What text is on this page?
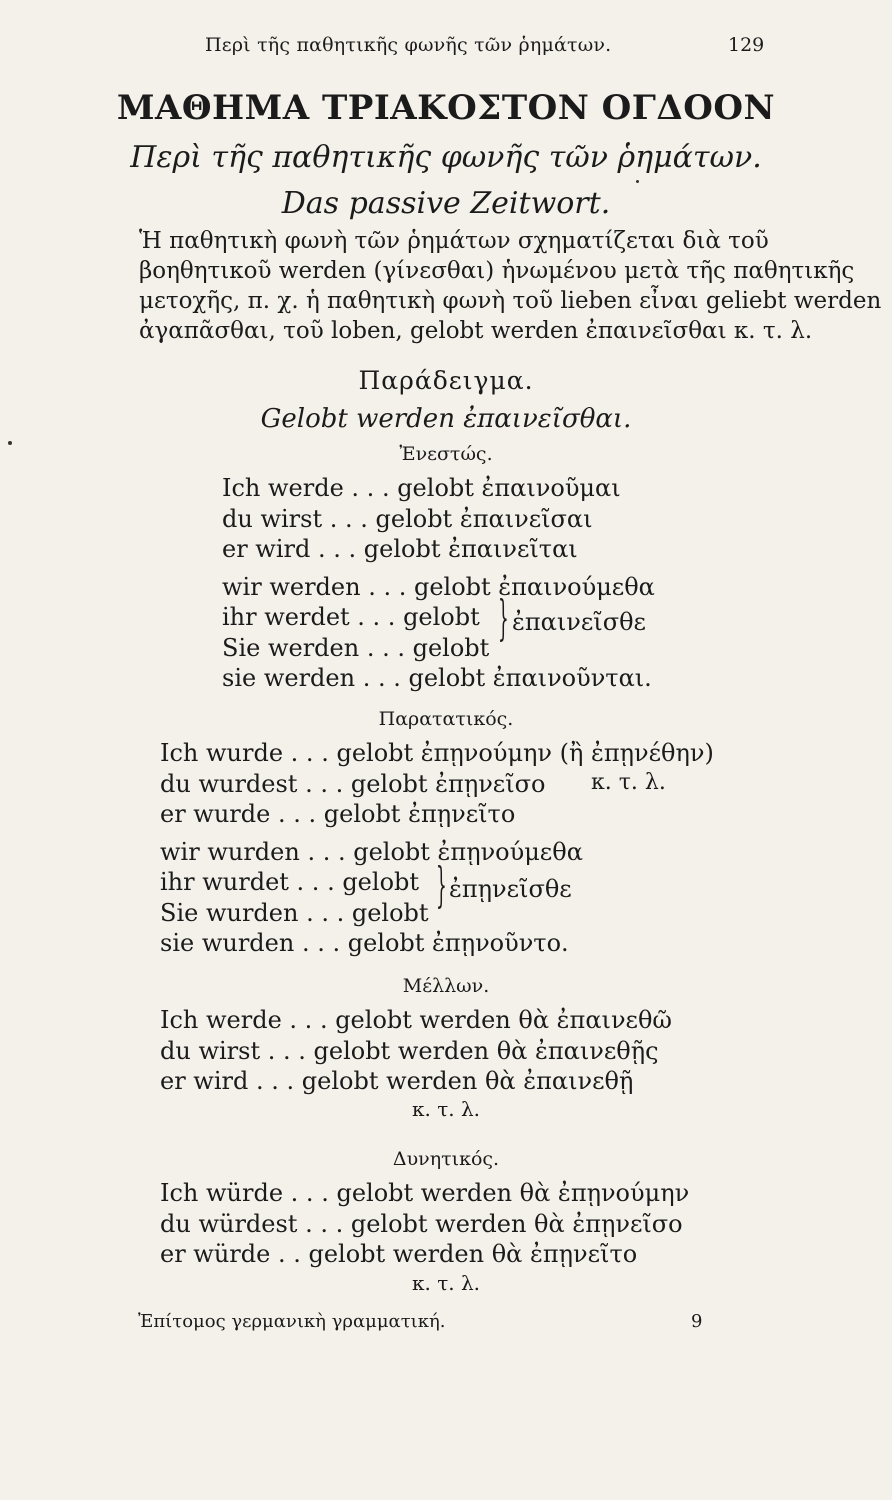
Περὶ τῆς παθητικῆς φωνῆς τῶν ῥημάτων.	129
ΜΑΘΗΜΑ ΤΡΙΑΚΟΣΤΟΝ ΟΓΔΟΟΝ
Περὶ τῆς παθητικῆς φωνῆς τῶν ῥημάτων.
Das passive Zeitwort.
Ἡ παθητικὴ φωνὴ τῶν ῥημάτων σχηματίζεται διὰ τοῦ
βοηθητικοῦ werden (γίνεσθαι) ἡνωμένου μετὰ τῆς παθητικῆς
μετοχῆς, π. χ. ἡ παθητικὴ φωνὴ τοῦ lieben εἶναι geliebt werden
ἀγαπᾶσθαι, τοῦ loben, gelobt werden ἐπαινεῖσθαι κ. τ. λ.
Παράδειγμα.
Gelobt werden ἐπαινεῖσθαι.
Ἐνεστώς.
Ich werde . . . gelobt ἐπαινοῦμαι
du wirst . . . gelobt ἐπαινεῖσαι
er wird . . . gelobt ἐπαινεῖται
wir werden . . . gelobt ἐπαινούμεθα
ihr werdet . . . gelobt
Sie werden . . . gelobt
sie werden . . . gelobt ἐπαινοῦνται.
} ἐπαινεῖσθε
Παρατατικός.
Ich wurde . . . gelobt ἐπῃνούμην (ἢ ἐπῃνέθην)
du wurdest . . . gelobt ἐπῃνεῖσο
er wurde . . . gelobt ἐπῃνεῖτο
wir wurden . . . gelobt ἐπῃνούμεθα
ihr wurdet . . . gelobt
Sie wurden . . . gelobt
sie wurden . . . gelobt ἐπῃνοῦντο.
κ. τ. λ.
} ἐπῃνεῖσθε
Μέλλων.
Ich werde . . . gelobt werden θὰ ἐπαινεθῶ
du wirst . . . gelobt werden θὰ ἐπαινεθῇς
er wird . . . gelobt werden θὰ ἐπαινεθῇ
κ. τ. λ.
Δυνητικός.
Ich würde . . . gelobt werden θὰ ἐπῃνούμην
du würdest . . . gelobt werden θὰ ἐπῃνεῖσο
er würde . . gelobt werden θὰ ἐπῃνεῖτο
κ. τ. λ.
Ἐπίτομος γερμανικὴ γραμματική.	9
